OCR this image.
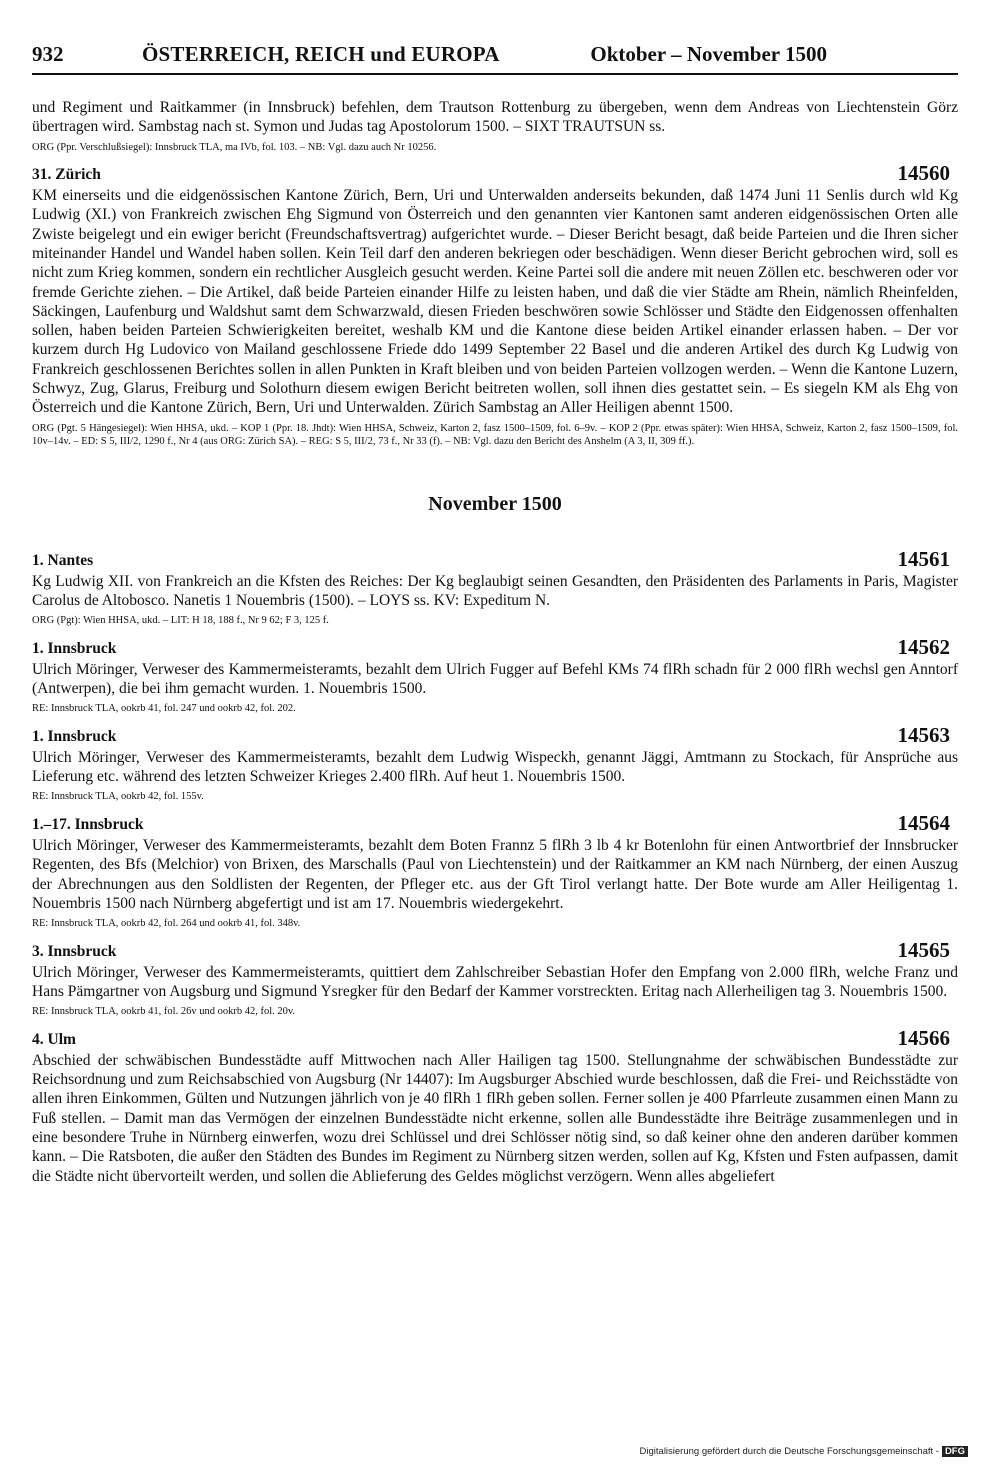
932	ÖSTERREICH, REICH und EUROPA	Oktober – November 1500

und Regiment und Raitkammer (in Innsbruck) befehlen, dem Trautson Rottenburg zu übergeben, wenn dem Andreas von Liechtenstein Görz übertragen wird. Sambstag nach st. Symon und Judas tag Apostolorum 1500. – SIXT TRAUTSUN ss.

ORG (Ppr. Verschlußsiegel): Innsbruck TLA, ma IVb, fol. 103. – NB: Vgl. dazu auch Nr 10256.

31. Zürich	14560

KM einerseits und die eidgenössischen Kantone Zürich, Bern, Uri und Unterwalden anderseits bekunden, daß 1474 Juni 11 Senlis durch wld Kg Ludwig (XI.) von Frankreich zwischen Ehg Sigmund von Österreich und den genannten vier Kantonen samt anderen eidgenössischen Orten alle Zwiste beigelegt und ein ewiger bericht (Freundschaftsvertrag) aufgerichtet wurde. – Dieser Bericht besagt, daß beide Parteien und die Ihren sicher miteinander Handel und Wandel haben sollen. Kein Teil darf den anderen bekriegen oder beschädigen. Wenn dieser Bericht gebrochen wird, soll es nicht zum Krieg kommen, sondern ein rechtlicher Ausgleich gesucht werden. Keine Partei soll die andere mit neuen Zöllen etc. beschweren oder vor fremde Gerichte ziehen. – Die Artikel, daß beide Parteien einander Hilfe zu leisten haben, und daß die vier Städte am Rhein, nämlich Rheinfelden, Säckingen, Laufenburg und Waldshut samt dem Schwarzwald, diesen Frieden beschwören sowie Schlösser und Städte den Eidgenossen offenhalten sollen, haben beiden Parteien Schwierigkeiten bereitet, weshalb KM und die Kantone diese beiden Artikel einander erlassen haben. – Der vor kurzem durch Hg Ludovico von Mailand geschlossene Friede ddo 1499 September 22 Basel und die anderen Artikel des durch Kg Ludwig von Frankreich geschlossenen Berichtes sollen in allen Punkten in Kraft bleiben und von beiden Parteien vollzogen werden. – Wenn die Kantone Luzern, Schwyz, Zug, Glarus, Freiburg und Solothurn diesem ewigen Bericht beitreten wollen, soll ihnen dies gestattet sein. – Es siegeln KM als Ehg von Österreich und die Kantone Zürich, Bern, Uri und Unterwalden. Zürich Sambstag an Aller Heiligen abennt 1500.

ORG (Pgt. 5 Hängesiegel): Wien HHSA, ukd. – KOP 1 (Ppr. 18. Jhdt): Wien HHSA, Schweiz, Karton 2, fasz 1500–1509, fol. 6–9v. – KOP 2 (Ppr. etwas später): Wien HHSA, Schweiz, Karton 2, fasz 1500–1509, fol. 10v–14v. – ED: S 5, III/2, 1290 f., Nr 4 (aus ORG: Zürich SA). – REG: S 5, III/2, 73 f., Nr 33 (f). – NB: Vgl. dazu den Bericht des Anshelm (A 3, II, 309 ff.).

November 1500
1. Nantes	14561

Kg Ludwig XII. von Frankreich an die Kfsten des Reiches: Der Kg beglaubigt seinen Gesandten, den Präsidenten des Parlaments in Paris, Magister Carolus de Altobosco. Nanetis 1 Nouembris (1500). – LOYS ss. KV: Expeditum N.

ORG (Pgt): Wien HHSA, ukd. – LIT: H 18, 188 f., Nr 9 62; F 3, 125 f.

1. Innsbruck	14562

Ulrich Möringer, Verweser des Kammermeisteramts, bezahlt dem Ulrich Fugger auf Befehl KMs 74 flRh schadn für 2 000 flRh wechsl gen Anntorf (Antwerpen), die bei ihm gemacht wurden. 1. Nouembris 1500.

RE: Innsbruck TLA, ookrb 41, fol. 247 und ookrb 42, fol. 202.

1. Innsbruck	14563

Ulrich Möringer, Verweser des Kammermeisteramts, bezahlt dem Ludwig Wispeckh, genannt Jäggi, Amtmann zu Stockach, für Ansprüche aus Lieferung etc. während des letzten Schweizer Krieges 2.400 flRh. Auf heut 1. Nouembris 1500.

RE: Innsbruck TLA, ookrb 42, fol. 155v.

1.–17. Innsbruck	14564

Ulrich Möringer, Verweser des Kammermeisteramts, bezahlt dem Boten Frannz 5 flRh 3 lb 4 kr Botenlohn für einen Antwortbrief der Innsbrucker Regenten, des Bfs (Melchior) von Brixen, des Marschalls (Paul von Liechtenstein) und der Raitkammer an KM nach Nürnberg, der einen Auszug der Abrechnungen aus den Soldlisten der Regenten, der Pfleger etc. aus der Gft Tirol verlangt hatte. Der Bote wurde am Aller Heiligentag 1. Nouembris 1500 nach Nürnberg abgefertigt und ist am 17. Nouembris wiedergekehrt.

RE: Innsbruck TLA, ookrb 42, fol. 264 und ookrb 41, fol. 348v.

3. Innsbruck	14565

Ulrich Möringer, Verweser des Kammermeisteramts, quittiert dem Zahlschreiber Sebastian Hofer den Empfang von 2.000 flRh, welche Franz und Hans Pämgartner von Augsburg und Sigmund Ysregker für den Bedarf der Kammer vorstreckten. Eritag nach Allerheiligen tag 3. Nouembris 1500.

RE: Innsbruck TLA, ookrb 41, fol. 26v und ookrb 42, fol. 20v.

4. Ulm	14566

Abschied der schwäbischen Bundesstädte auff Mittwochen nach Aller Hailigen tag 1500. Stellungnahme der schwäbischen Bundesstädte zur Reichsordnung und zum Reichsabschied von Augsburg (Nr 14407): Im Augsburger Abschied wurde beschlossen, daß die Frei- und Reichsstädte von allen ihren Einkommen, Gülten und Nutzungen jährlich von je 40 flRh 1 flRh geben sollen. Ferner sollen je 400 Pfarrleute zusammen einen Mann zu Fuß stellen. – Damit man das Vermögen der einzelnen Bundesstädte nicht erkenne, sollen alle Bundesstädte ihre Beiträge zusammenlegen und in eine besondere Truhe in Nürnberg einwerfen, wozu drei Schlüssel und drei Schlösser nötig sind, so daß keiner ohne den anderen darüber kommen kann. – Die Ratsboten, die außer den Städten des Bundes im Regiment zu Nürnberg sitzen werden, sollen auf Kg, Kfsten und Fsten aufpassen, damit die Städte nicht übervorteilt werden, und sollen die Ablieferung des Geldes möglichst verzögern. Wenn alles abgeliefert

Digitalisierung gefördert durch die Deutsche Forschungsgemeinschaft - DFG
